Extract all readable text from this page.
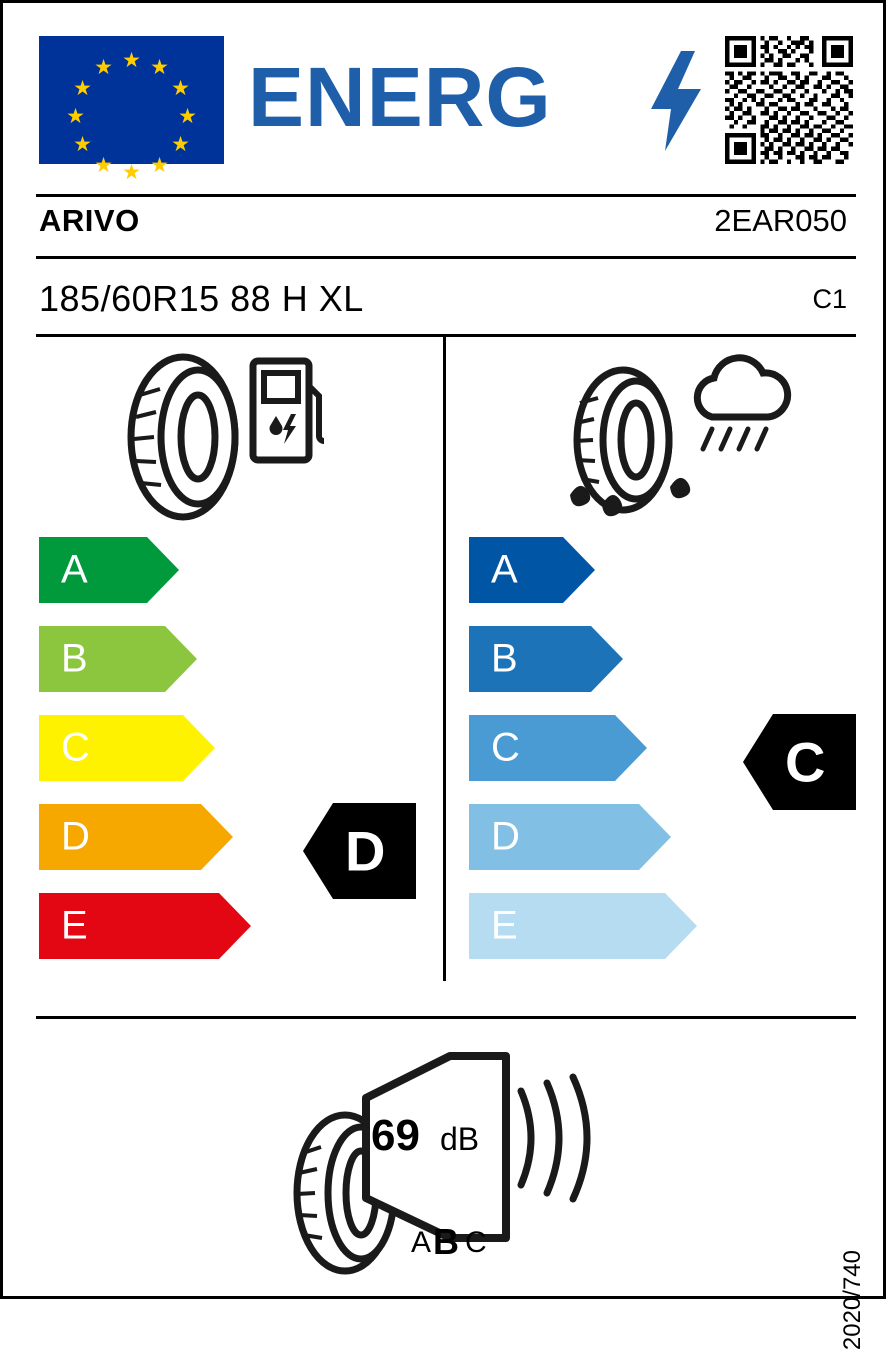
★ ★
★
★
★
★
★
★
★
★
★
★ ENERG
ARIVO	2EAR050
185/60R15 88 H XL	C1
A
B
C
D
E
D
A
B
C
D
E
C
69 dB
A B C
2020/740
